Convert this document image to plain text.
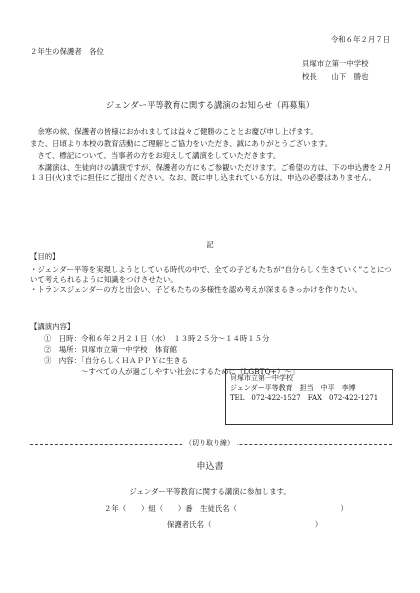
令和６年２月７日
２年生の保護者　各位
貝塚市立第一中学校
校長 山下　勝也
ジェンダー平等教育に関する講演のお知らせ（再募集）

　余寒の候、保護者の皆様におかれましては益々ご健勝のこととお慶び申し上げます。

また、日頃より本校の教育活動にご理解とご協力をいただき、誠にありがとうございます。

　さて、標記について、当事者の方をお迎えして講演をしていただきます。

　本講演は、生徒向けの講演ですが、保護者の方にもご参観いただけます。ご希望の方は、下の申込書を２月１３日(火)までに担任にご提出ください。なお、既に申し込まれている方は、申込の必要はありません。

記
【目的】
・ジェンダー平等を実現しようとしている時代の中で、全ての子どもたちが“自分らしく生きていく”ことについて考えられるように知識をつけさせたい。
・トランスジェンダーの方と出会い、子どもたちの多様性を認め考えが深まるきっかけを作りたい。
【講演内容】
①　日時：令和６年２月２１日（水）　１３時２５分～１４時１５分
②　場所：貝塚市立第一中学校　体育館
③　内容：「自分らしくＨＡＰＰＹに生きる
　　　　　～すべての人が過ごしやすい社会にするために（LGBTQ+）～」
貝塚市立第一中学校
ジェンダー平等教育　担当　中平　李博
TEL　072-422-1527　FAX　072-422-1271
（切り取り線）
申込書
ジェンダー平等教育に関する講演に参加します。
２年（　　）組（　　）番　生徒氏名（　　　　　　　　　　　　　　）
保護者氏名（　　　　　　　　　　　　　　）
